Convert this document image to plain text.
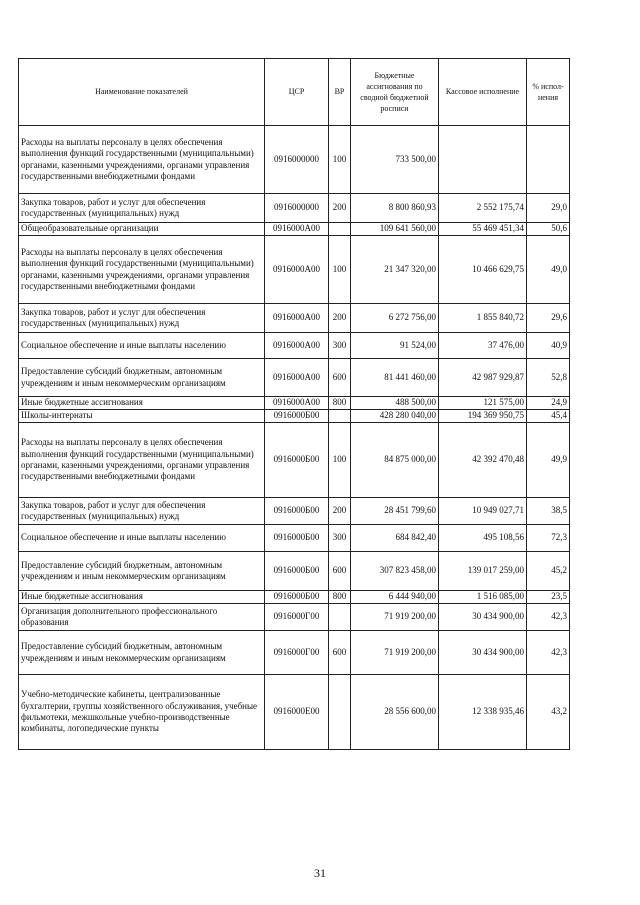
Наименование показателей	ЦСР	ВР	Бюджетные ассигнования по сводной бюджетной росписи	Кассовое исполнение	% испол-нения
Расходы на выплаты персоналу в целях обеспечения выполнения функций государственными (муниципальными) органами, казенными учреждениями, органами управления государственными внебюджетными фондами	0916000000	100	733 500,00		
Закупка товаров, работ и услуг для обеспечения государственных (муниципальных) нужд	0916000000	200	8 800 860,93	2 552 175,74	29,0
Общеобразовательные организации	0916000А00		109 641 560,00	55 469 451,34	50,6
Расходы на выплаты персоналу в целях обеспечения выполнения функций государственными (муниципальными) органами, казенными учреждениями, органами управления государственными внебюджетными фондами	0916000А00	100	21 347 320,00	10 466 629,75	49,0
Закупка товаров, работ и услуг для обеспечения государственных (муниципальных) нужд	0916000А00	200	6 272 756,00	1 855 840,72	29,6
Социальное обеспечение и иные выплаты населению	0916000А00	300	91 524,00	37 476,00	40,9
Предоставление субсидий бюджетным, автономным учреждениям и иным некоммерческим организациям	0916000А00	600	81 441 460,00	42 987 929,87	52,8
Иные бюджетные ассигнования	0916000А00	800	488 500,00	121 575,00	24,9
Школы-интернаты	0916000Б00		428 280 040,00	194 369 950,75	45,4
Расходы на выплаты персоналу в целях обеспечения выполнения функций государственными (муниципальными) органами, казенными учреждениями, органами управления государственными внебюджетными фондами	0916000Б00	100	84 875 000,00	42 392 470,48	49,9
Закупка товаров, работ и услуг для обеспечения государственных (муниципальных) нужд	0916000Б00	200	28 451 799,60	10 949 027,71	38,5
Социальное обеспечение и иные выплаты населению	0916000Б00	300	684 842,40	495 108,56	72,3
Предоставление субсидий бюджетным, автономным учреждениям и иным некоммерческим организациям	0916000Б00	600	307 823 458,00	139 017 259,00	45,2
Иные бюджетные ассигнования	0916000Б00	800	6 444 940,00	1 516 085,00	23,5
Организация дополнительного профессионального образования	0916000Г00		71 919 200,00	30 434 900,00	42,3
Предоставление субсидий бюджетным, автономным учреждениям и иным некоммерческим организациям	0916000Г00	600	71 919 200,00	30 434 900,00	42,3
Учебно-методические кабинеты, централизованные бухгалтерии, группы хозяйственного обслуживания, учебные фильмотеки, межшкольные учебно-производственные комбинаты, логопедические пункты	0916000Е00		28 556 600,00	12 338 935,46	43,2
31
